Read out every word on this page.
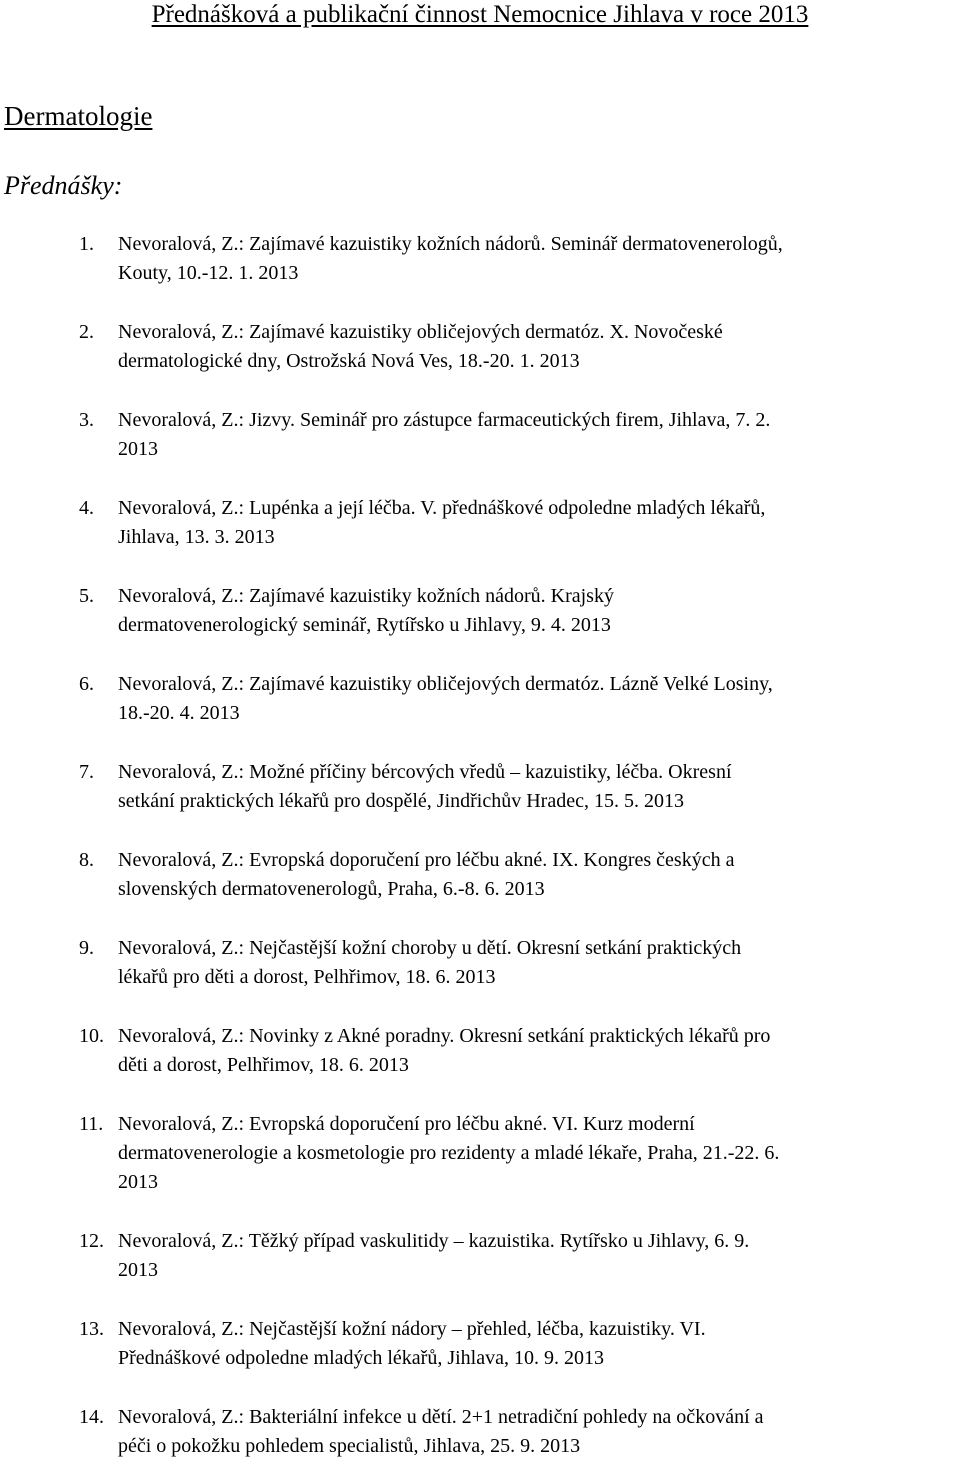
Přednášková a publikační činnost Nemocnice Jihlava v roce 2013
Dermatologie
Přednášky:
1. Nevoralová, Z.: Zajímavé kazuistiky kožních nádorů. Seminář dermatovenerologů,
Kouty, 10.-12. 1. 2013
2. Nevoralová, Z.: Zajímavé kazuistiky obličejových dermatóz. X. Novočeské
dermatologické dny, Ostrožská Nová Ves, 18.-20. 1. 2013
3. Nevoralová, Z.: Jizvy. Seminář pro zástupce farmaceutických firem, Jihlava, 7. 2.
2013
4. Nevoralová, Z.: Lupénka a její léčba. V. přednáškové odpoledne mladých lékařů,
Jihlava, 13. 3. 2013
5. Nevoralová, Z.: Zajímavé kazuistiky kožních nádorů. Krajský
dermatovenerologický seminář, Rytířsko u Jihlavy, 9. 4. 2013
6. Nevoralová, Z.: Zajímavé kazuistiky obličejových dermatóz. Lázně Velké Losiny,
18.-20. 4. 2013
7. Nevoralová, Z.: Možné příčiny bércových vředů – kazuistiky, léčba. Okresní
setkání praktických lékařů pro dospělé, Jindřichův Hradec, 15. 5. 2013
8. Nevoralová, Z.: Evropská doporučení pro léčbu akné. IX. Kongres českých a
slovenských dermatovenerologů, Praha, 6.-8. 6. 2013
9. Nevoralová, Z.: Nejčastější kožní choroby u dětí. Okresní setkání praktických
lékařů pro děti a dorost, Pelhřimov, 18. 6. 2013
10. Nevoralová, Z.: Novinky z Akné poradny. Okresní setkání praktických lékařů pro
děti a dorost, Pelhřimov, 18. 6. 2013
11. Nevoralová, Z.: Evropská doporučení pro léčbu akné. VI. Kurz moderní
dermatovenerologie a kosmetologie pro rezidenty a mladé lékaře, Praha, 21.-22. 6.
2013
12. Nevoralová, Z.: Těžký případ vaskulitidy – kazuistika. Rytířsko u Jihlavy, 6. 9.
2013
13. Nevoralová, Z.: Nejčastější kožní nádory – přehled, léčba, kazuistiky. VI.
Přednáškové odpoledne mladých lékařů, Jihlava, 10. 9. 2013
14. Nevoralová, Z.: Bakteriální infekce u dětí. 2+1 netradiční pohledy na očkování a
péči o pokožku pohledem specialistů, Jihlava, 25. 9. 2013
